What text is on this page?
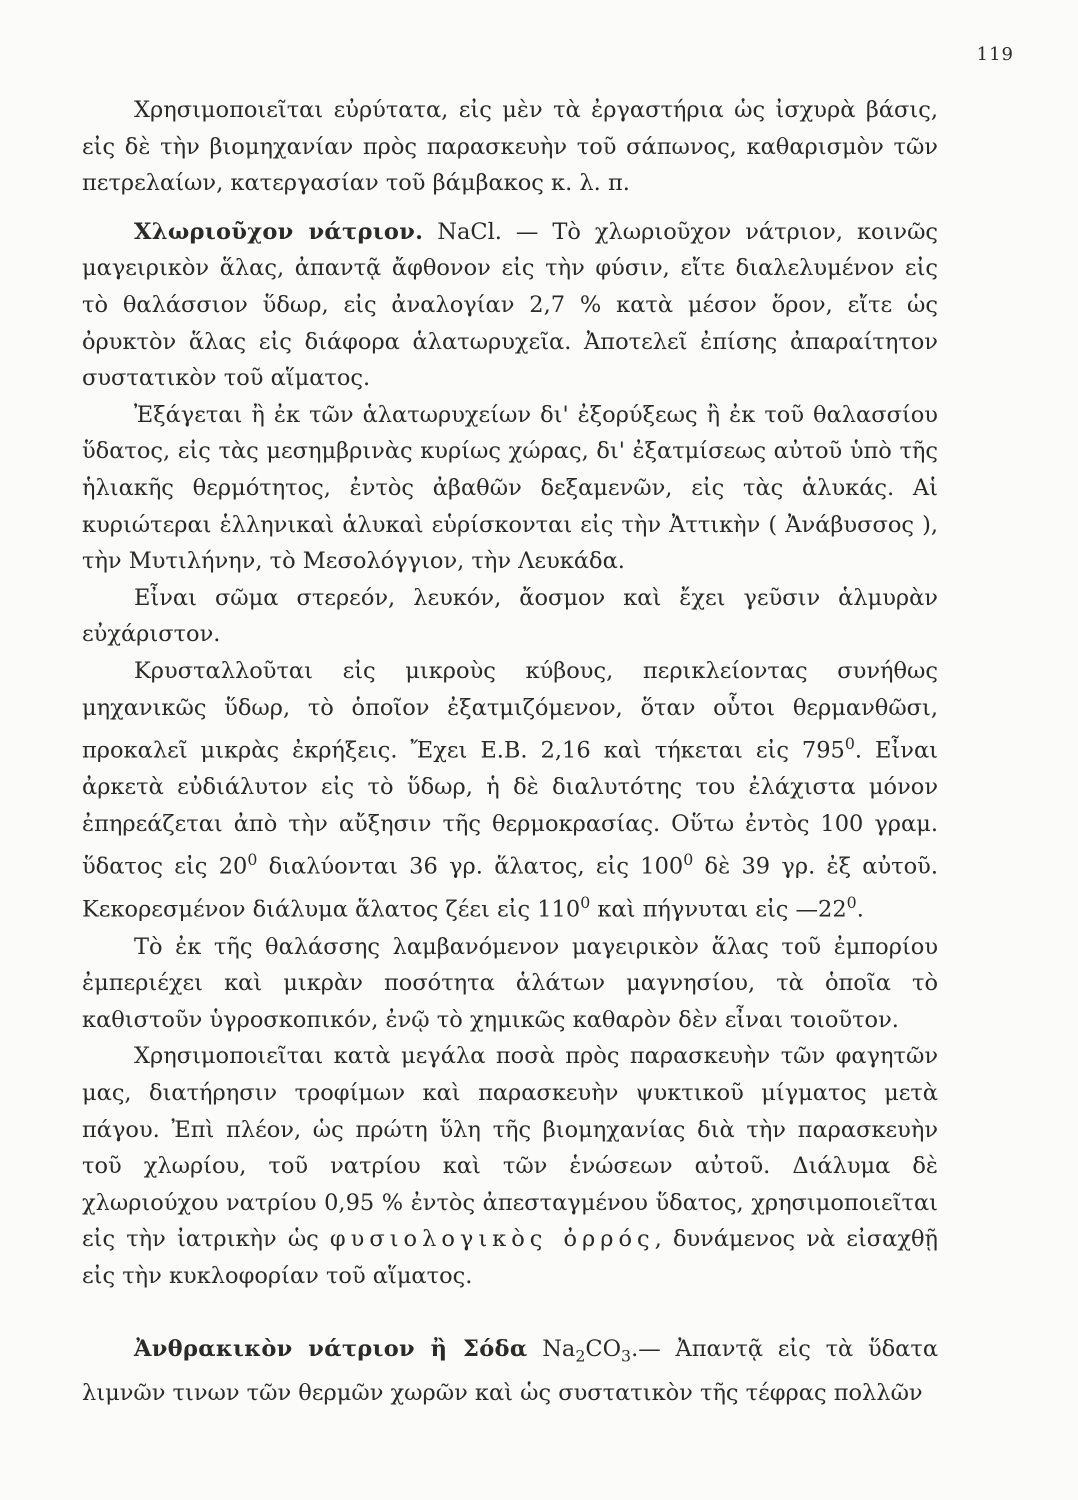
119

Χρησιμοποιεῖται εὐρύτατα, εἰς μὲν τὰ ἐργαστήρια ὡς ἰσχυρὰ βάσις, εἰς δὲ τὴν βιομηχανίαν πρὸς παρασκευὴν τοῦ σάπωνος, καθαρισμὸν τῶν πετρελαίων, κατεργασίαν τοῦ βάμβακος κ. λ. π.

Χλωριοῦχον νάτριον. NaCl. — Τὸ χλωριοῦχον νάτριον, κοινῶς μαγειρικὸν ἅλας, ἀπαντᾷ ἄφθονον εἰς τὴν φύσιν, εἴτε διαλελυμένον εἰς τὸ θαλάσσιον ὕδωρ, εἰς ἀναλογίαν 2,7 % κατὰ μέσον ὅρον, εἴτε ὡς ὀρυκτὸν ἅλας εἰς διάφορα ἁλατωρυχεῖα. Ἀποτελεῖ ἐπίσης ἀπαραίτητον συστατικὸν τοῦ αἵματος.

Ἐξάγεται ἢ ἐκ τῶν ἁλατωρυχείων δι' ἐξορύξεως ἢ ἐκ τοῦ θαλασσίου ὕδατος, εἰς τὰς μεσημβρινὰς κυρίως χώρας, δι' ἐξατμίσεως αὐτοῦ ὑπὸ τῆς ἡλιακῆς θερμότητος, ἐντὸς ἀβαθῶν δεξαμενῶν, εἰς τὰς ἁλυκάς. Αἱ κυριώτεραι ἑλληνικαὶ ἁλυκαὶ εὑρίσκονται εἰς τὴν Ἀττικὴν ( Ἀνάβυσσος ), τὴν Μυτιλήνην, τὸ Μεσολόγγιον, τὴν Λευκάδα.

Εἶναι σῶμα στερεόν, λευκόν, ἄοσμον καὶ ἔχει γεῦσιν ἁλμυρὰν εὐχάριστον.

Κρυσταλλοῦται εἰς μικροὺς κύβους, περικλείοντας συνήθως μηχανικῶς ὕδωρ, τὸ ὁποῖον ἐξατμιζόμενον, ὅταν οὗτοι θερμανθῶσι, προκαλεῖ μικρὰς ἐκρήξεις. Ἔχει Ε.Β. 2,16 καὶ τήκεται εἰς $795^0$. Εἶναι ἀρκετὰ εὐδιάλυτον εἰς τὸ ὕδωρ, ἡ δὲ διαλυτότης του ἐλάχιστα μόνον ἐπηρεάζεται ἀπὸ τὴν αὔξησιν τῆς θερμοκρασίας. Οὕτω ἐντὸς 100 γραμ. ὕδατος εἰς $20^0$ διαλύονται 36 γρ. ἅλατος, εἰς $100^0$ δὲ 39 γρ. ἐξ αὐτοῦ. Κεκορεσμένον διάλυμα ἅλατος ζέει εἰς $110^0$ καὶ πήγνυται εἰς $—22^0$.

Τὸ ἐκ τῆς θαλάσσης λαμβανόμενον μαγειρικὸν ἅλας τοῦ ἐμπορίου ἐμπεριέχει καὶ μικρὰν ποσότητα ἁλάτων μαγνησίου, τὰ ὁποῖα τὸ καθιστοῦν ὑγροσκοπικόν, ἐνῷ τὸ χημικῶς καθαρὸν δὲν εἶναι τοιοῦτον.

Χρησιμοποιεῖται κατὰ μεγάλα ποσὰ πρὸς παρασκευὴν τῶν φαγητῶν μας, διατήρησιν τροφίμων καὶ παρασκευὴν ψυκτικοῦ μίγματος μετὰ πάγου. Ἐπὶ πλέον, ὡς πρώτη ὕλη τῆς βιομηχανίας διὰ τὴν παρασκευὴν τοῦ χλωρίου, τοῦ νατρίου καὶ τῶν ἑνώσεων αὐτοῦ. Διάλυμα δὲ χλωριούχου νατρίου 0,95 % ἐντὸς ἀπεσταγμένου ὕδατος, χρησιμοποιεῖται εἰς τὴν ἰατρικὴν ὡς φυσιολογικὸς ὀρρός, δυνάμενος νὰ εἰσαχθῇ εἰς τὴν κυκλοφορίαν τοῦ αἵματος.

Ἀνθρακικὸν νάτριον ἢ Σόδα $Na_2CO_3.—$ Ἀπαντᾷ εἰς τὰ ὕδατα λιμνῶν τινων τῶν θερμῶν χωρῶν καὶ ὡς συστατικὸν τῆς τέφρας πολλῶν
